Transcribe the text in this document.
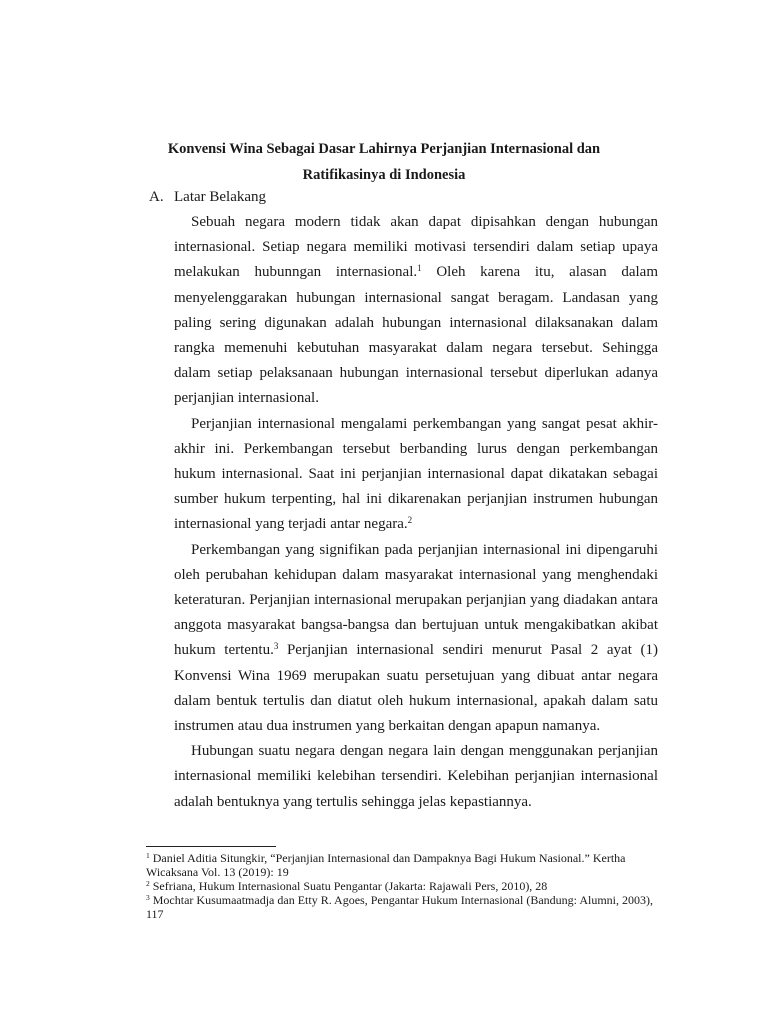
Konvensi Wina Sebagai Dasar Lahirnya Perjanjian Internasional dan
Ratifikasinya di Indonesia
A. Latar Belakang

Sebuah negara modern tidak akan dapat dipisahkan dengan hubungan internasional. Setiap negara memiliki motivasi tersendiri dalam setiap upaya melakukan hubunngan internasional.$^1$ Oleh karena itu, alasan dalam menyelenggarakan hubungan internasional sangat beragam. Landasan yang paling sering digunakan adalah hubungan internasional dilaksanakan dalam rangka memenuhi kebutuhan masyarakat dalam negara tersebut. Sehingga dalam setiap pelaksanaan hubungan internasional tersebut diperlukan adanya perjanjian internasional.

Perjanjian internasional mengalami perkembangan yang sangat pesat akhir-akhir ini. Perkembangan tersebut berbanding lurus dengan perkembangan hukum internasional. Saat ini perjanjian internasional dapat dikatakan sebagai sumber hukum terpenting, hal ini dikarenakan perjanjian instrumen hubungan internasional yang terjadi antar negara.$^2$

Perkembangan yang signifikan pada perjanjian internasional ini dipengaruhi oleh perubahan kehidupan dalam masyarakat internasional yang menghendaki keteraturan. Perjanjian internasional merupakan perjanjian yang diadakan antara anggota masyarakat bangsa-bangsa dan bertujuan untuk mengakibatkan akibat hukum tertentu.$^3$ Perjanjian internasional sendiri menurut Pasal 2 ayat (1) Konvensi Wina 1969 merupakan suatu persetujuan yang dibuat antar negara dalam bentuk tertulis dan diatut oleh hukum internasional, apakah dalam satu instrumen atau dua instrumen yang berkaitan dengan apapun namanya.

Hubungan suatu negara dengan negara lain dengan menggunakan perjanjian internasional memiliki kelebihan tersendiri. Kelebihan perjanjian internasional adalah bentuknya yang tertulis sehingga jelas kepastiannya.

$^1$ Daniel Aditia Situngkir, “Perjanjian Internasional dan Dampaknya Bagi Hukum Nasional.” Kertha Wicaksana Vol. 13 (2019): 19
$^2$ Sefriana, Hukum Internasional Suatu Pengantar (Jakarta: Rajawali Pers, 2010), 28
$^3$ Mochtar Kusumaatmadja dan Etty R. Agoes, Pengantar Hukum Internasional (Bandung: Alumni, 2003), 117
